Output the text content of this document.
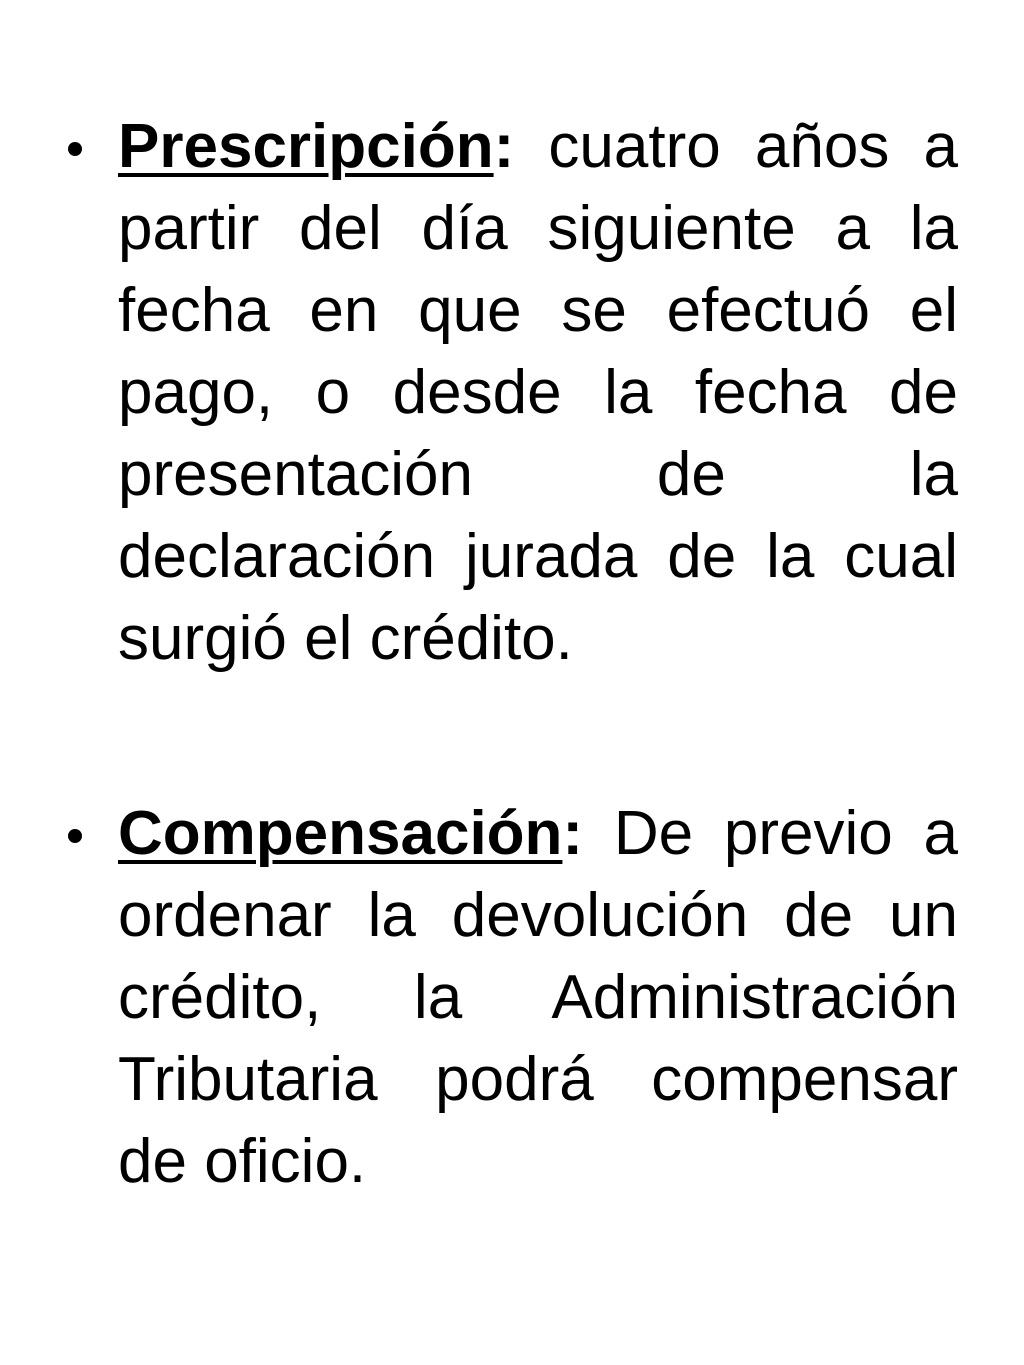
Prescripción: cuatro años a partir del día siguiente a la fecha en que se efectuó el pago, o desde la fecha de presentación de la declaración jurada de la cual surgió el crédito.
Compensación: De previo a ordenar la devolución de un crédito, la Administración Tributaria podrá compensar de oficio.
